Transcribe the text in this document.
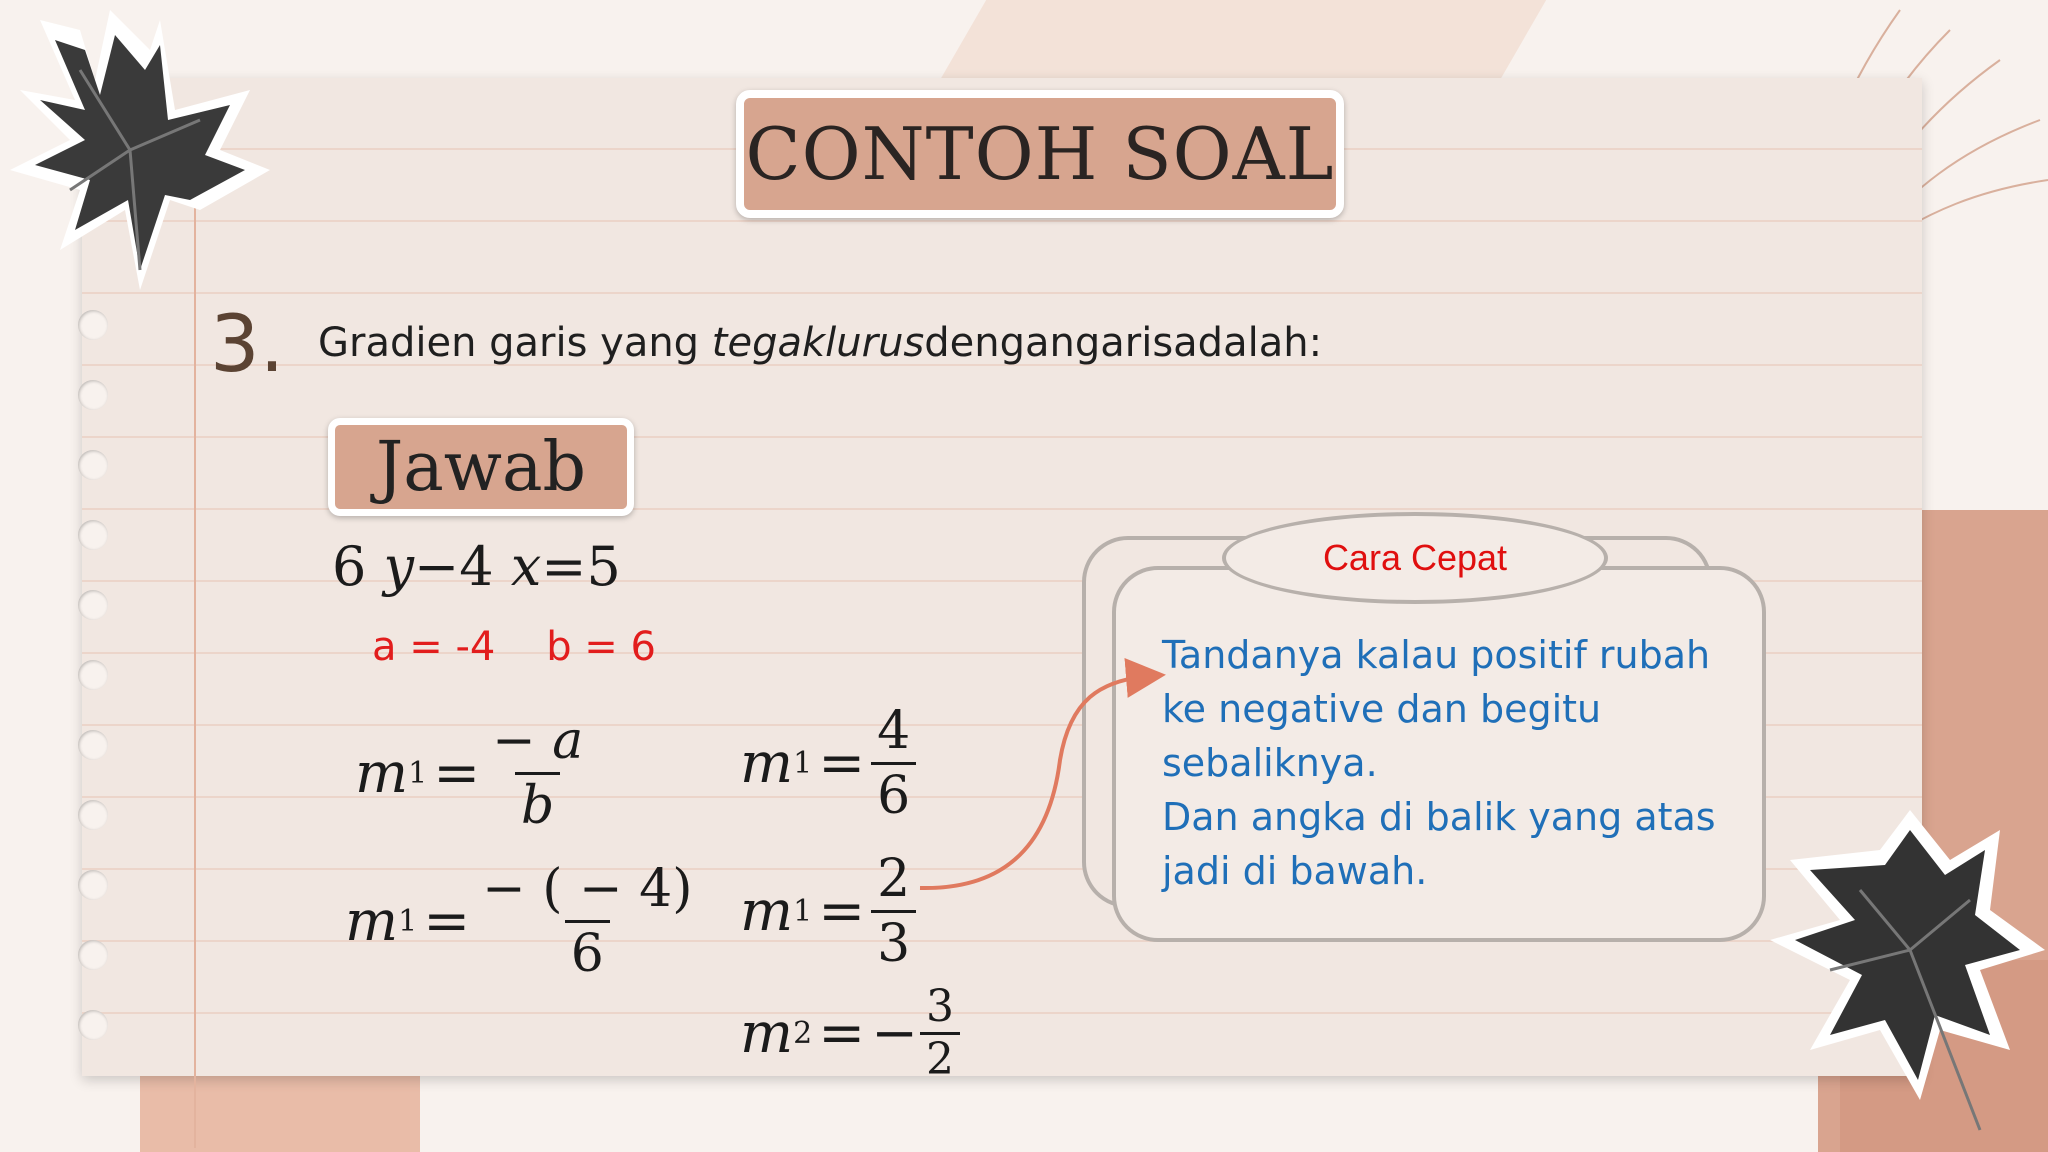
CONTOH SOAL
3. Gradien garis yang tegaklurusdengangarisadalah:
Jawab
6 y−4 x=5
a = -4    b = 6
m $1 = \frac{- a}{b}$
m $1 = \frac{- ( - 4)}{6}$
m $1 = \frac{4}{6}$
m $1 = \frac{2}{3}$
m 2 = − $\frac{3}{2}$
Cara Cepat
Tandanya kalau positif rubah
ke negative dan begitu
sebaliknya.
Dan angka di balik yang atas
jadi di bawah.
